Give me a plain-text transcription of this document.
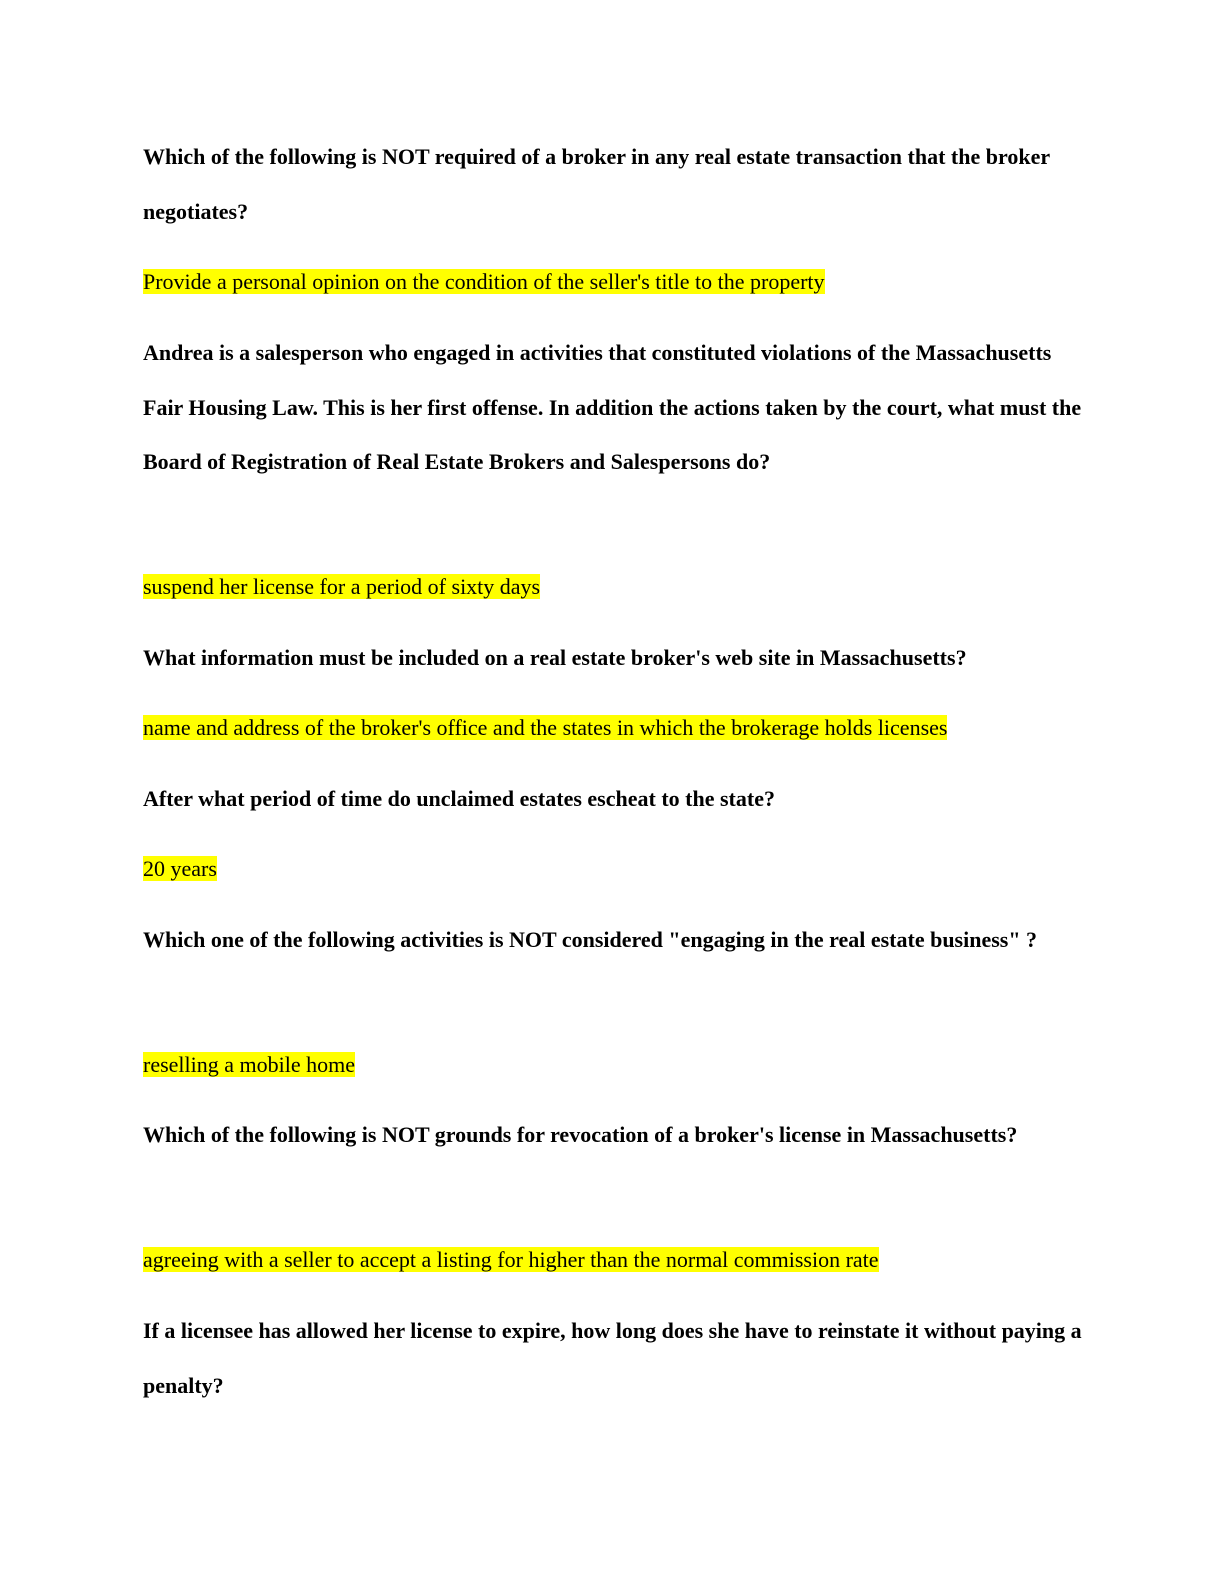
Which of the following is NOT required of a broker in any real estate transaction that the broker negotiates?
Provide a personal opinion on the condition of the seller's title to the property
Andrea is a salesperson who engaged in activities that constituted violations of the Massachusetts Fair Housing Law. This is her first offense. In addition the actions taken by the court, what must the Board of Registration of Real Estate Brokers and Salespersons do?
suspend her license for a period of sixty days
What information must be included on a real estate broker's web site in Massachusetts?
name and address of the broker's office and the states in which the brokerage holds licenses
After what period of time do unclaimed estates escheat to the state?
20 years
Which one of the following activities is NOT considered "engaging in the real estate business" ?
reselling a mobile home
Which of the following is NOT grounds for revocation of a broker's license in Massachusetts?
agreeing with a seller to accept a listing for higher than the normal commission rate
If a licensee has allowed her license to expire, how long does she have to reinstate it without paying a penalty?
